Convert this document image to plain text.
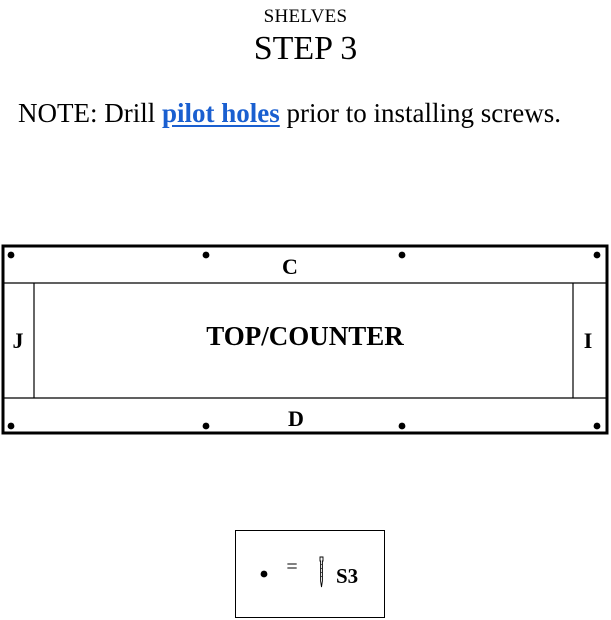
SHELVES
STEP 3
NOTE: Drill pilot holes prior to installing screws.
C
D
J	I
TOP/COUNTER
= S3
